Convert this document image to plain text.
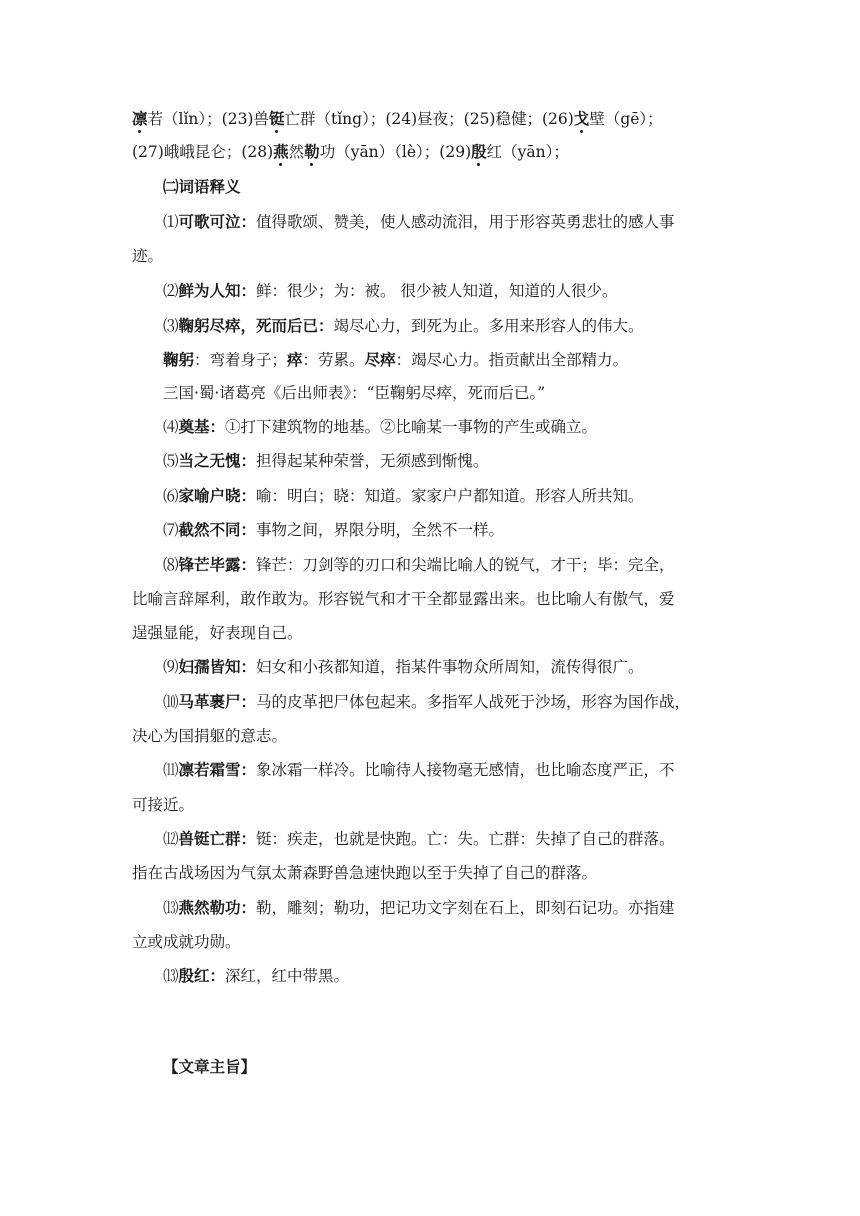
凛若（lǐn）；(23)兽铤亡群（tǐng）；(24)昼夜；(25)稳健；(26)戈壁（gē）；
(27)峨峨昆仑；(28)燕然勒功（yān）（lè）；(29)殷红（yān）；
㈡词语释义
⑴可歌可泣：值得歌颂、赞美，使人感动流泪，用于形容英勇悲壮的感人事
迹。
⑵鲜为人知：鲜：很少；为：被。 很少被人知道，知道的人很少。
⑶鞠躬尽瘁，死而后已：竭尽心力，到死为止。多用来形容人的伟大。
鞠躬：弯着身子；瘁：劳累。尽瘁：竭尽心力。指贡献出全部精力。
三国·蜀·诸葛亮《后出师表》：“臣鞠躬尽瘁，死而后已。”
⑷奠基：①打下建筑物的地基。②比喻某一事物的产生或确立。
⑸当之无愧：担得起某种荣誉，无须感到惭愧。
⑹家喻户晓：喻：明白；晓：知道。家家户户都知道。形容人所共知。
⑺截然不同：事物之间，界限分明，全然不一样。
⑻锋芒毕露：锋芒：刀剑等的刃口和尖端比喻人的锐气，才干；毕：完全，
比喻言辞犀利，敢作敢为。形容锐气和才干全都显露出来。也比喻人有傲气，爱
逞强显能，好表现自己。
⑼妇孺皆知：妇女和小孩都知道，指某件事物众所周知，流传得很广。
⑽马革裹尸：马的皮革把尸体包起来。多指军人战死于沙场，形容为国作战，
决心为国捐躯的意志。
⑾凛若霜雪：象冰霜一样冷。比喻待人接物毫无感情，也比喻态度严正，不
可接近。
⑿兽铤亡群：铤：疾走，也就是快跑。亡：失。亡群：失掉了自己的群落。
指在古战场因为气氛太萧森野兽急速快跑以至于失掉了自己的群落。
⒀燕然勒功：勒，雕刻；勒功，把记功文字刻在石上，即刻石记功。亦指建
立或成就功勋。
⒀殷红：深红，红中带黑。
【文章主旨】
